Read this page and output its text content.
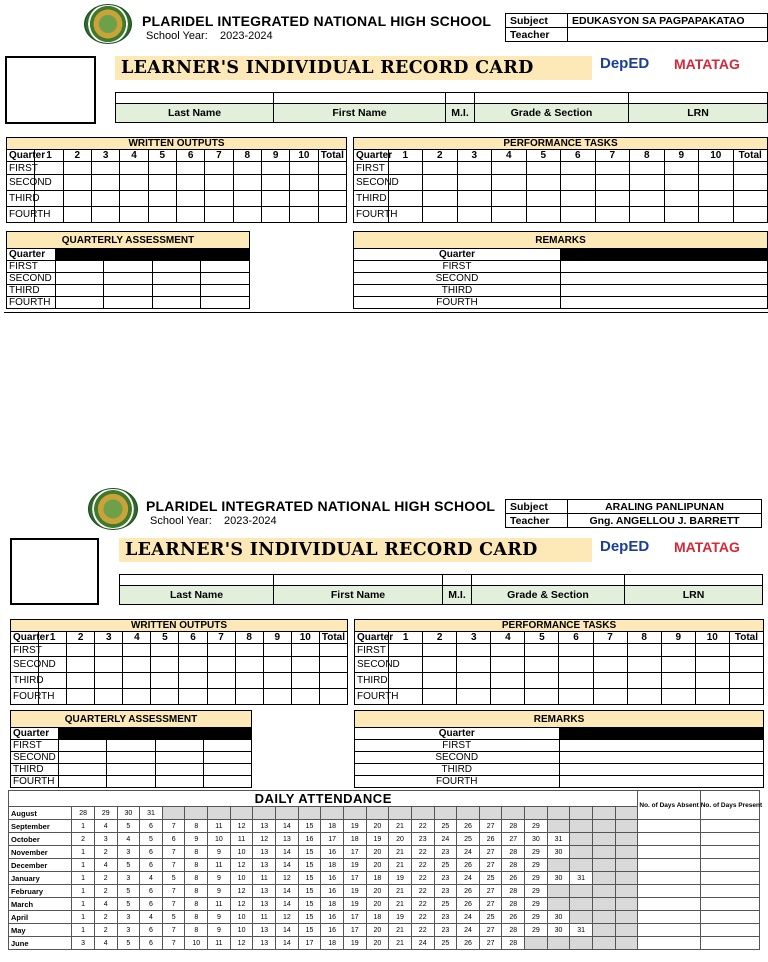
PLARIDEL INTEGRATED NATIONAL HIGH SCHOOL
School Year: 2023-2024
Subject	EDUKASYON SA PAGPAPAKATAO
Teacher	
LEARNER'S INDIVIDUAL RECORD CARD	DepED MATATAG

Last Name	First Name	M.I.	Grade & Section	LRN
WRITTEN OUTPUTS											
Quarter	1	2	3	4	5	6	7	8	9	10	Total
FIRST											
SECOND											
THIRD											
FOURTH											
PERFORMANCE TASKS											
Quarter	1	2	3	4	5	6	7	8	9	10	Total
FIRST											
SECOND											
THIRD											
FOURTH											
QUARTERLY ASSESSMENT				
Quarter				
FIRST				
SECOND				
THIRD				
FOURTH				
REMARKS	
Quarter	
FIRST	
SECOND	
THIRD	
FOURTH	
PLARIDEL INTEGRATED NATIONAL HIGH SCHOOL
School Year: 2023-2024
Subject	ARALING PANLIPUNAN
Teacher	Gng. ANGELLOU J. BARRETT
LEARNER'S INDIVIDUAL RECORD CARD	DepED MATATAG

Last Name	First Name	M.I.	Grade & Section	LRN
WRITTEN OUTPUTS											
Quarter	1	2	3	4	5	6	7	8	9	10	Total
FIRST											
SECOND											
THIRD											
FOURTH											
PERFORMANCE TASKS											
Quarter	1	2	3	4	5	6	7	8	9	10	Total
FIRST											
SECOND											
THIRD											
FOURTH											
QUARTERLY ASSESSMENT				
Quarter				
FIRST				
SECOND				
THIRD				
FOURTH				
REMARKS	
Quarter	
FIRST	
SECOND	
THIRD	
FOURTH	
DAILY ATTENDANCE																										No. of Days Absent	No. of Days Present
August	28	29	30	31																							
September	1	4	5	6	7	8	11	12	13	14	15	18	19	20	21	22	25	26	27	28	29						
October	2	3	4	5	6	9	10	11	12	13	16	17	18	19	20	23	24	25	26	27	30	31					
November	1	2	3	6	7	8	9	10	13	14	15	16	17	20	21	22	23	24	27	28	29	30					
December	1	4	5	6	7	8	11	12	13	14	15	18	19	20	21	22	25	26	27	28	29						
January	1	2	3	4	5	8	9	10	11	12	15	16	17	18	19	22	23	24	25	26	29	30	31				
February	1	2	5	6	7	8	9	12	13	14	15	16	19	20	21	22	23	26	27	28	29						
March	1	4	5	6	7	8	11	12	13	14	15	18	19	20	21	22	25	26	27	28	29						
April	1	2	3	4	5	8	9	10	11	12	15	16	17	18	19	22	23	24	25	26	29	30					
May	1	2	3	6	7	8	9	10	13	14	15	16	17	20	21	22	23	24	27	28	29	30	31				
June	3	4	5	6	7	10	11	12	13	14	17	18	19	20	21	24	25	26	27	28							
